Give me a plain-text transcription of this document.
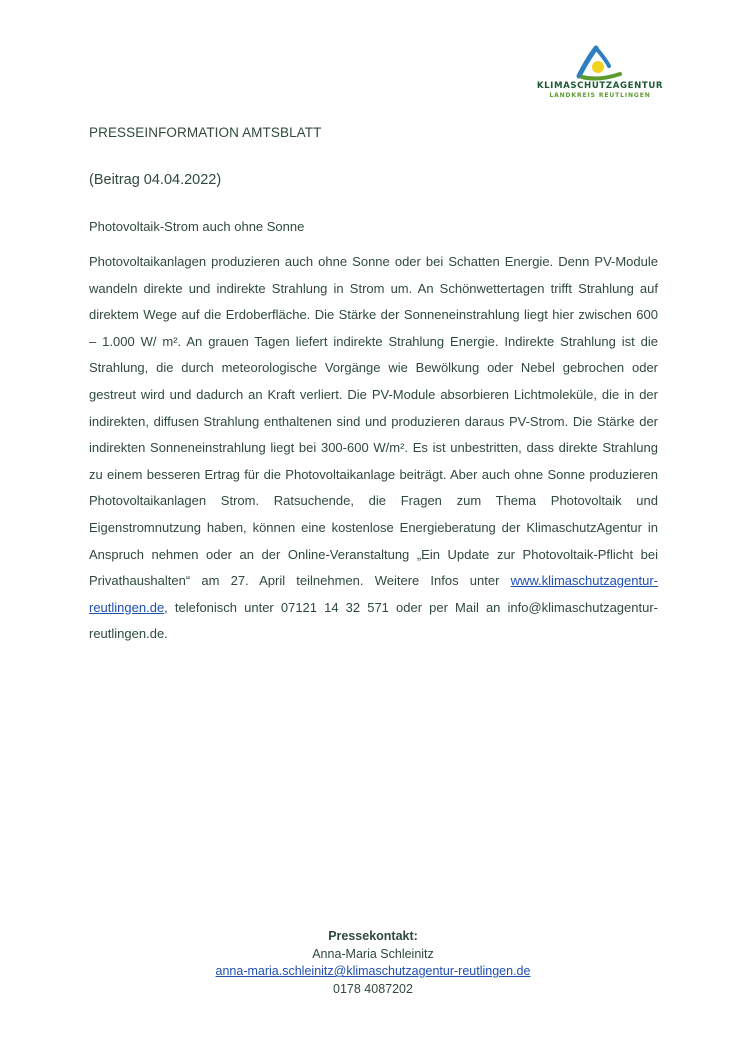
KLIMASCHUTZAGENTUR
LANDKREIS REUTLINGEN
PRESSEINFORMATION AMTSBLATT
(Beitrag 04.04.2022)
Photovoltaik-Strom auch ohne Sonne
Photovoltaikanlagen produzieren auch ohne Sonne oder bei Schatten Energie. Denn PV-Module wandeln direkte und indirekte Strahlung in Strom um. An Schönwettertagen trifft Strahlung auf direktem Wege auf die Erdoberfläche. Die Stärke der Sonneneinstrahlung liegt hier zwischen 600 – 1.000 W/ m². An grauen Tagen liefert indirekte Strahlung Energie. Indirekte Strahlung ist die Strahlung, die durch meteorologische Vorgänge wie Bewölkung oder Nebel gebrochen oder gestreut wird und dadurch an Kraft verliert. Die PV-Module absorbieren Lichtmoleküle, die in der indirekten, diffusen Strahlung enthaltenen sind und produzieren daraus PV-Strom. Die Stärke der indirekten Sonneneinstrahlung liegt bei 300-600 W/m². Es ist unbestritten, dass direkte Strahlung zu einem besseren Ertrag für die Photovoltaikanlage beiträgt. Aber auch ohne Sonne produzieren Photovoltaikanlagen Strom. Ratsuchende, die Fragen zum Thema Photovoltaik und Eigenstromnutzung haben, können eine kostenlose Energieberatung der KlimaschutzAgentur in Anspruch nehmen oder an der Online-Veranstaltung „Ein Update zur Photovoltaik-Pflicht bei Privathaushalten“ am 27. April teilnehmen. Weitere Infos unter www.klimaschutzagentur-reutlingen.de, telefonisch unter 07121 14 32 571 oder per Mail an info@klimaschutzagentur-reutlingen.de.
Pressekontakt:
Anna-Maria Schleinitz
anna-maria.schleinitz@klimaschutzagentur-reutlingen.de
0178 4087202
